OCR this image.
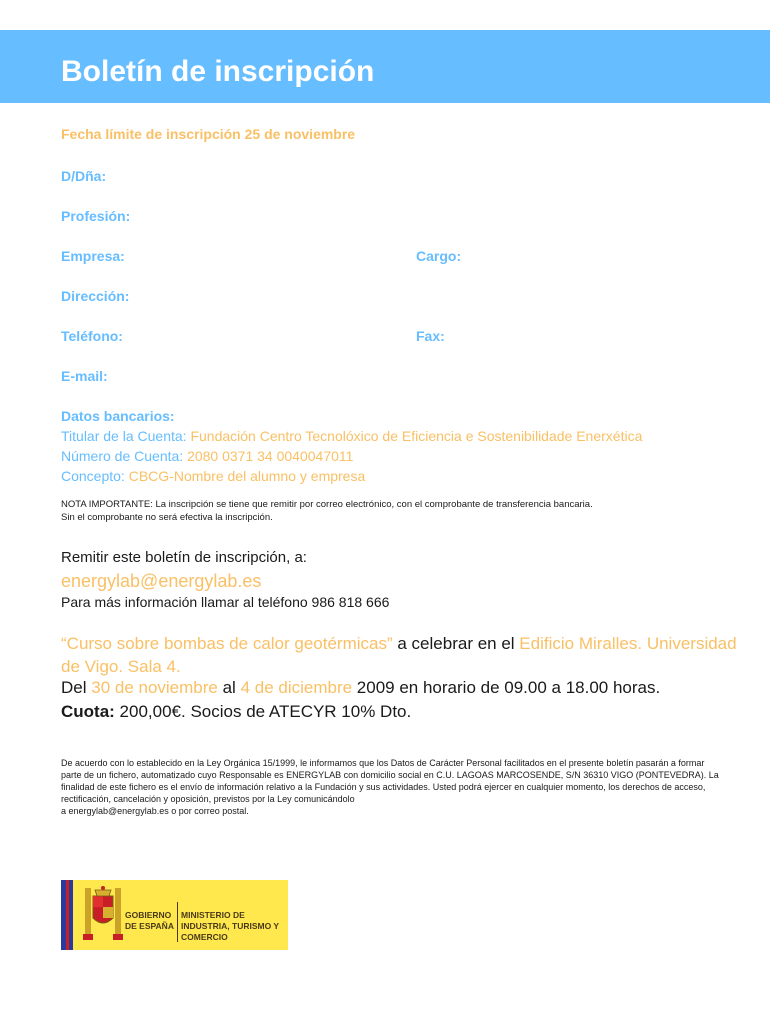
Boletín de inscripción
Fecha límite de inscripción 25 de noviembre
D/Dña:
Profesión:
Empresa:	Cargo:
Dirección:
Teléfono:	Fax:
E-mail:
Datos bancarios:
Titular de la Cuenta: Fundación Centro Tecnolóxico de Eficiencia e Sostenibilidade Enerxética
Número de Cuenta: 2080 0371 34 0040047011
Concepto: CBCG-Nombre del alumno y empresa
NOTA IMPORTANTE: La inscripción se tiene que remitir por correo electrónico, con el comprobante de transferencia bancaria.
Sin el comprobante no será efectiva la inscripción.
Remitir este boletín de inscripción, a:
energylab@energylab.es
Para más información llamar al teléfono 986 818 666
“Curso sobre bombas de calor geotérmicas” a celebrar en el Edificio Miralles. Universidad de Vigo. Sala 4.
Del 30 de noviembre al 4 de diciembre 2009 en horario de 09.00 a 18.00 horas.
Cuota: 200,00€. Socios de ATECYR 10% Dto.
De acuerdo con lo establecido en la Ley Orgánica 15/1999, le informamos que los Datos de Carácter Personal facilitados en el presente boletín pasarán a formar parte de un fichero, automatizado cuyo Responsable es ENERGYLAB con domicilio social en C.U. LAGOAS MARCOSENDE, S/N 36310 VIGO (PONTEVEDRA). La finalidad de este fichero es el envío de información relativo a la Fundación y sus actividades. Usted podrá ejercer en cualquier momento, los derechos de acceso, rectificación, cancelación y oposición, previstos por la Ley comunicándolo
a energylab@energylab.es o por correo postal.
GOBIERNO DE ESPAÑA
MINISTERIO DE INDUSTRIA, TURISMO Y COMERCIO
